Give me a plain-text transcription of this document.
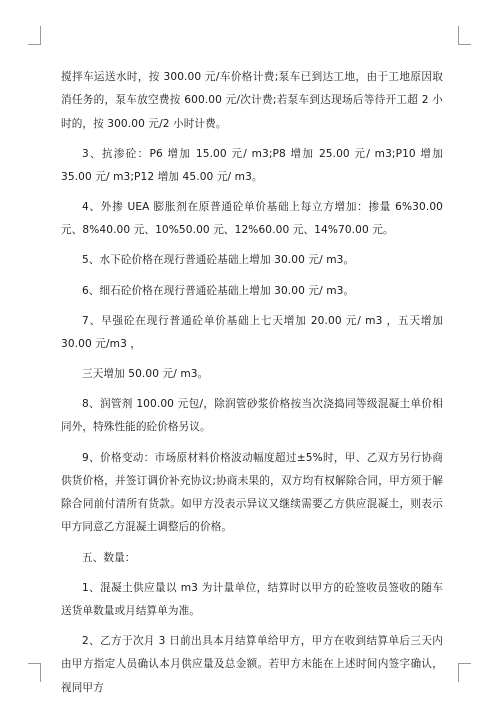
搅拌车运送水时，按 300.00 元/车价格计费;泵车已到达工地，由于工地原因取消任务的，泵车放空费按 600.00 元/次计费;若泵车到达现场后等待开工超 2 小时的，按 300.00 元/2 小时计费。

3、抗渗砼：P6 增加 15.00 元/ m3;P8 增加 25.00 元/ m3;P10 增加 35.00 元/ m3;P12 增加 45.00 元/ m3。

4、外掺 UEA 膨胀剂在原普通砼单价基础上每立方增加：掺量 6%30.00 元、8%40.00 元、10%50.00 元、12%60.00 元、14%70.00 元。

5、水下砼价格在现行普通砼基础上增加 30.00 元/ m3。

6、细石砼价格在现行普通砼基础上增加 30.00 元/ m3。

7、早强砼在现行普通砼单价基础上七天增加 20.00 元/ m3 ，五天增加 30.00 元/m3 ，

三天增加 50.00 元/ m3。

8、润管剂 100.00 元包/，除润管砂浆价格按当次浇捣同等级混凝土单价相同外，特殊性能的砼价格另议。

9、价格变动：市场原材料价格波动幅度超过±5%时，甲、乙双方另行协商供货价格，并签订调价补充协议;协商未果的，双方均有权解除合同，甲方须于解除合同前付清所有货款。如甲方没表示异议又继续需要乙方供应混凝土，则表示甲方同意乙方混凝土调整后的价格。

五、数量：

1、混凝土供应量以 m3 为计量单位，结算时以甲方的砼签收员签收的随车送货单数量或月结算单为准。

2、乙方于次月 3 日前出具本月结算单给甲方，甲方在收到结算单后三天内由甲方指定人员确认本月供应量及总金额。若甲方未能在上述时间内签字确认，视同甲方
